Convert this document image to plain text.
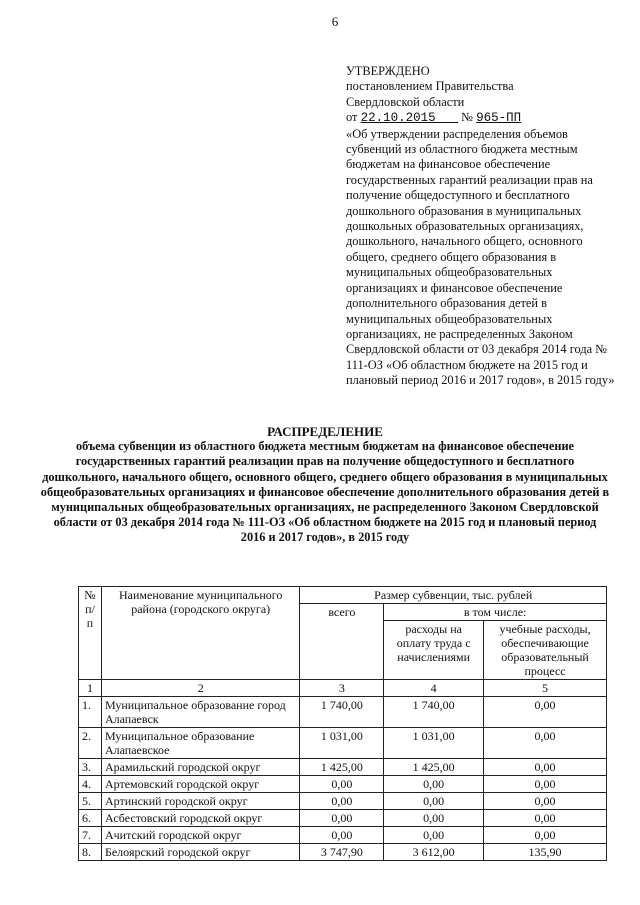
6
УТВЕРЖДЕНО
постановлением Правительства
Свердловской области
от 22.10.2015 № 965-ПП
«Об утверждении распределения объемов субвенций из областного бюджета местным бюджетам на финансовое обеспечение государственных гарантий реализации прав на получение общедоступного и бесплатного дошкольного образования в муниципальных дошкольных образовательных организациях, дошкольного, начального общего, основного общего, среднего общего образования в муниципальных общеобразовательных организациях и финансовое обеспечение дополнительного образования детей в муниципальных общеобразовательных организациях, не распределенных Законом Свердловской области от 03 декабря 2014 года № 111-ОЗ «Об областном бюджете на 2015 год и плановый период 2016 и 2017 годов», в 2015 году»
РАСПРЕДЕЛЕНИЕ
объема субвенции из областного бюджета местным бюджетам на финансовое обеспечение государственных гарантий реализации прав на получение общедоступного и бесплатного дошкольного, начального общего, основного общего, среднего общего образования в муниципальных общеобразовательных организациях и финансовое обеспечение дополнительного образования детей в муниципальных общеобразовательных организациях, не распределенного Законом Свердловской области от 03 декабря 2014 года № 111-ОЗ «Об областном бюджете на 2015 год и плановый период 2016 и 2017 годов», в 2015 году
№ п/п	Наименование муниципального района (городского округа)	Размер субвенции, тыс. рублей		
		всего	в том числе:	
			расходы на оплату труда с начислениями	учебные расходы, обеспечивающие образовательный процесс
1	2	3	4	5
1.	Муниципальное образование город Алапаевск	1 740,00	1 740,00	0,00
2.	Муниципальное образование Алапаевское	1 031,00	1 031,00	0,00
3.	Арамильский городской округ	1 425,00	1 425,00	0,00
4.	Артемовский городской округ	0,00	0,00	0,00
5.	Артинский городской округ	0,00	0,00	0,00
6.	Асбестовский городской округ	0,00	0,00	0,00
7.	Ачитский городской округ	0,00	0,00	0,00
8.	Белоярский городской округ	3 747,90	3 612,00	135,90
